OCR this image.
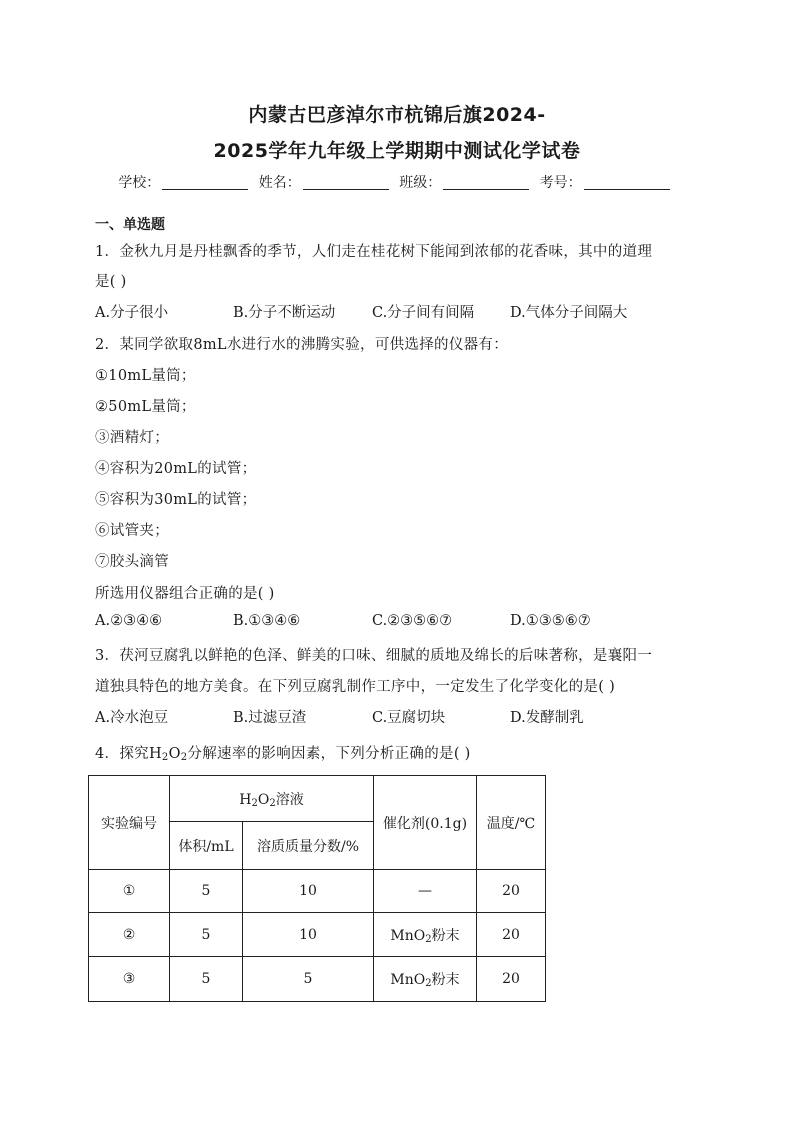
内蒙古巴彦淖尔市杭锦后旗2024-
2025学年九年级上学期期中测试化学试卷
学校：	姓名：	班级：	考号：
一、单选题
1．金秋九月是丹桂飘香的季节，人们走在桂花树下能闻到浓郁的花香味，其中的道理
是( )
A.分子很小	B.分子不断运动	C.分子间有间隔 D.气体分子间隔大
2．某同学欲取8mL水进行水的沸腾实验，可供选择的仪器有：
①10mL量筒；
②50mL量筒；
③酒精灯；
④容积为20mL的试管；
⑤容积为30mL的试管；
⑥试管夹；
⑦胶头滴管
所选用仪器组合正确的是( )
A.②③④⑥	B.①③④⑥	C.②③⑤⑥⑦	D.①③⑤⑥⑦
3．茯河豆腐乳以鲜艳的色泽、鲜美的口味、细腻的质地及绵长的后味著称，是襄阳一
道独具特色的地方美食。在下列豆腐乳制作工序中，一定发生了化学变化的是( )
A.冷水泡豆	B.过滤豆渣	C.豆腐切块	D.发酵制乳
4．探究$H_2O_2$分解速率的影响因素，下列分析正确的是( )
实验编号	$H_2O_2$溶液		催化剂(0.1g)	温度/℃
	体积/mL	溶质质量分数/%		
①	5	10	—	20
②	5	10	MnO$_2$粉末	20
③	5	5	MnO$_2$粉末	20
